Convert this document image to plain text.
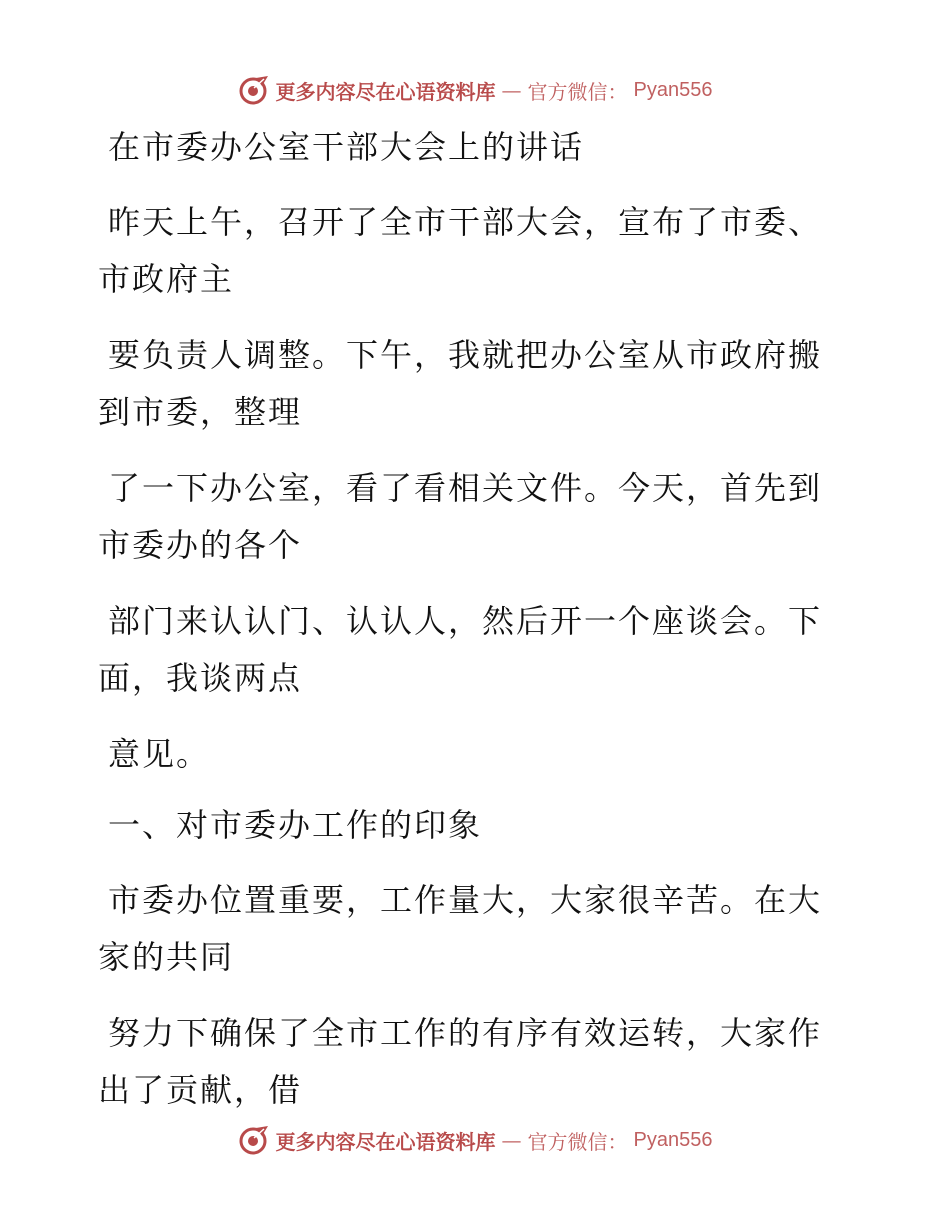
更多内容尽在心语资料库 — 官方微信： Pyan556
在市委办公室干部大会上的讲话
昨天上午，召开了全市干部大会，宣布了市委、
市政府主
要负责人调整。下午，我就把办公室从市政府搬
到市委，整理
了一下办公室，看了看相关文件。今天，首先到
市委办的各个
部门来认认门、认认人，然后开一个座谈会。下
面，我谈两点
意见。
一、对市委办工作的印象
市委办位置重要，工作量大，大家很辛苦。在大
家的共同
努力下确保了全市工作的有序有效运转，大家作
出了贡献，借
更多内容尽在心语资料库 — 官方微信： Pyan556
